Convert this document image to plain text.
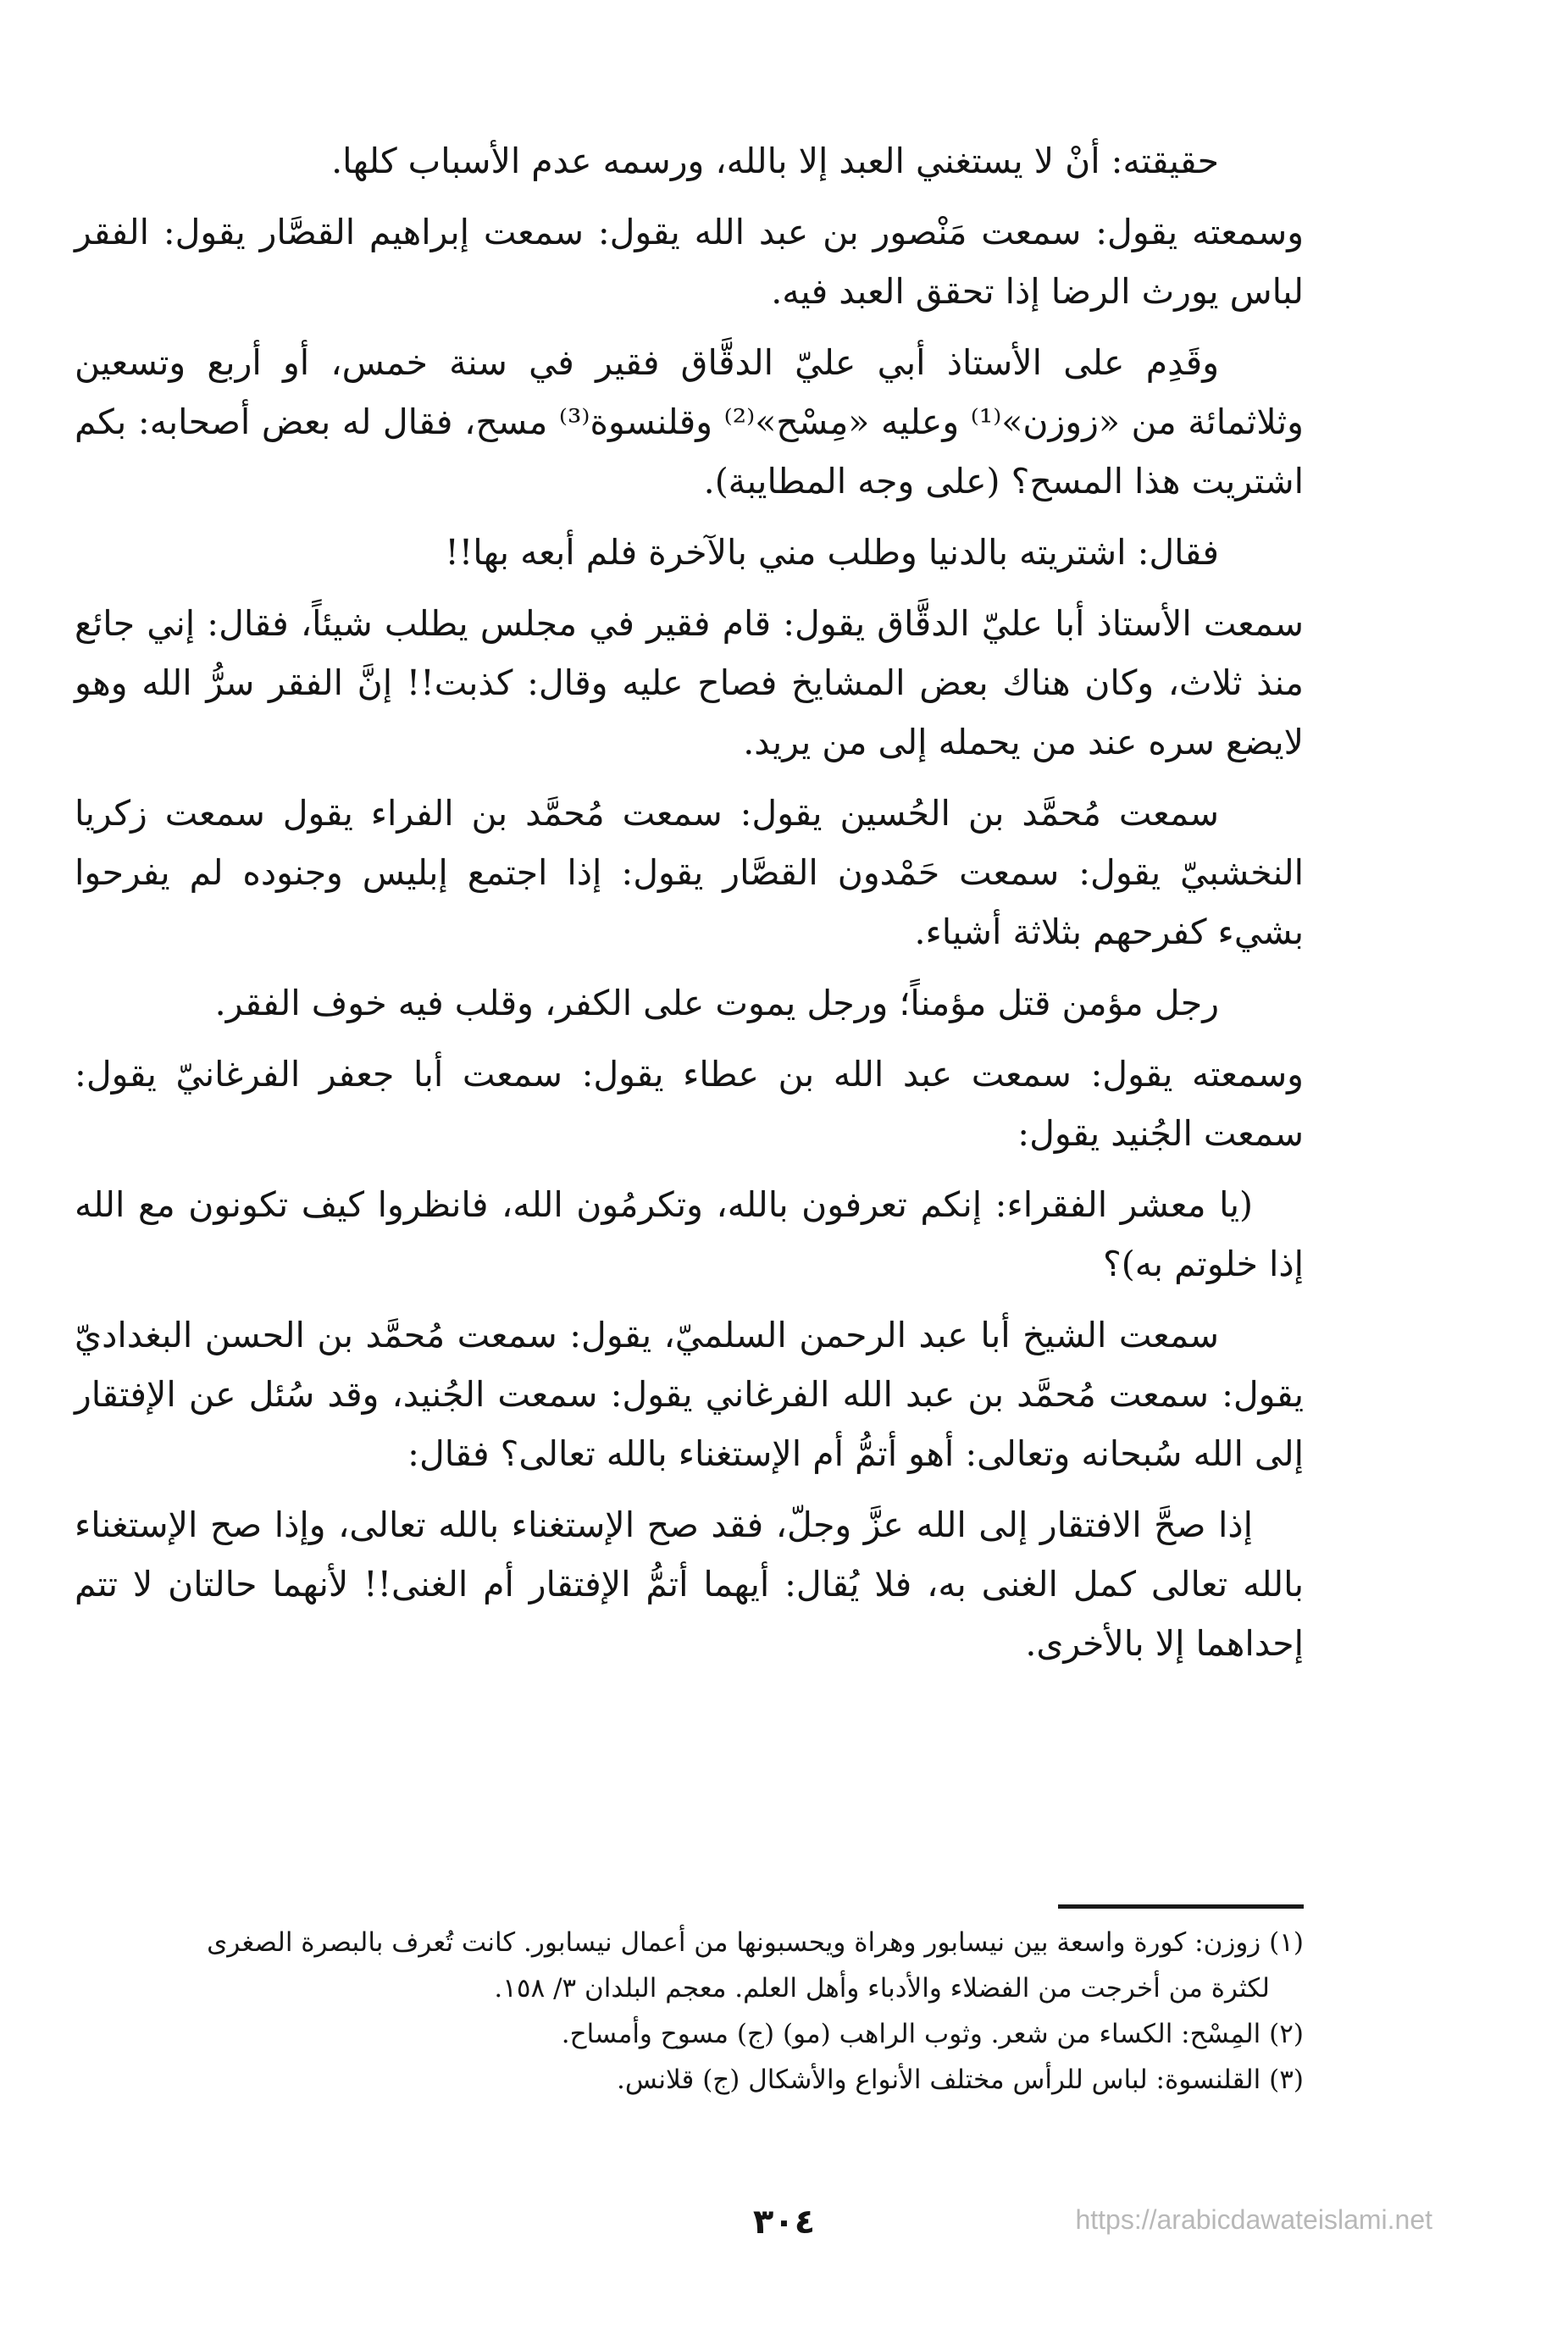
حقيقته: أنْ لا يستغني العبد إلا بالله، ورسمه عدم الأسباب كلها.

وسمعته يقول: سمعت مَنْصور بن عبد الله يقول: سمعت إبراهيم القصَّار يقول: الفقر لباس يورث الرضا إذا تحقق العبد فيه.

وقَدِم على الأستاذ أبي عليّ الدقَّاق فقير في سنة خمس، أو أربع وتسعين وثلاثمائة من «زوزن»⁽¹⁾ وعليه «مِسْح»⁽²⁾ وقلنسوة⁽³⁾ مسح، فقال له بعض أصحابه: بكم اشتريت هذا المسح؟ (على وجه المطايبة).

فقال: اشتريته بالدنيا وطلب مني بالآخرة فلم أبعه بها!!

سمعت الأستاذ أبا عليّ الدقَّاق يقول: قام فقير في مجلس يطلب شيئاً، فقال: إني جائع منذ ثلاث، وكان هناك بعض المشايخ فصاح عليه وقال: كذبت!! إنَّ الفقر سرُّ الله وهو لايضع سره عند من يحمله إلى من يريد.

سمعت مُحمَّد بن الحُسين يقول: سمعت مُحمَّد بن الفراء يقول سمعت زكريا النخشبيّ يقول: سمعت حَمْدون القصَّار يقول: إذا اجتمع إبليس وجنوده لم يفرحوا بشيء كفرحهم بثلاثة أشياء.

رجل مؤمن قتل مؤمناً؛ ورجل يموت على الكفر، وقلب فيه خوف الفقر.

وسمعته يقول: سمعت عبد الله بن عطاء يقول: سمعت أبا جعفر الفرغانيّ يقول: سمعت الجُنيد يقول:

(يا معشر الفقراء: إنكم تعرفون بالله، وتكرمُون الله، فانظروا كيف تكونون مع الله إذا خلوتم به)؟

سمعت الشيخ أبا عبد الرحمن السلميّ، يقول: سمعت مُحمَّد بن الحسن البغداديّ يقول: سمعت مُحمَّد بن عبد الله الفرغاني يقول: سمعت الجُنيد، وقد سُئل عن الإفتقار إلى الله سُبحانه وتعالى: أهو أتمُّ أم الإستغناء بالله تعالى؟ فقال:

إذا صحَّ الافتقار إلى الله عزَّ وجلّ، فقد صح الإستغناء بالله تعالى، وإذا صح الإستغناء بالله تعالى كمل الغنى به، فلا يُقال: أيهما أتمُّ الإفتقار أم الغنى!! لأنهما حالتان لا تتم إحداهما إلا بالأخرى.

(١) زوزن: كورة واسعة بين نيسابور وهراة ويحسبونها من أعمال نيسابور. كانت تُعرف بالبصرة الصغرى

لكثرة من أخرجت من الفضلاء والأدباء وأهل العلم. معجم البلدان ٣/ ١٥٨.

(٢) المِسْح: الكساء من شعر. وثوب الراهب (مو) (ج) مسوح وأمساح.

(٣) القلنسوة: لباس للرأس مختلف الأنواع والأشكال (ج) قلانس.

٣٠٤	https://arabicdawateislami.net
